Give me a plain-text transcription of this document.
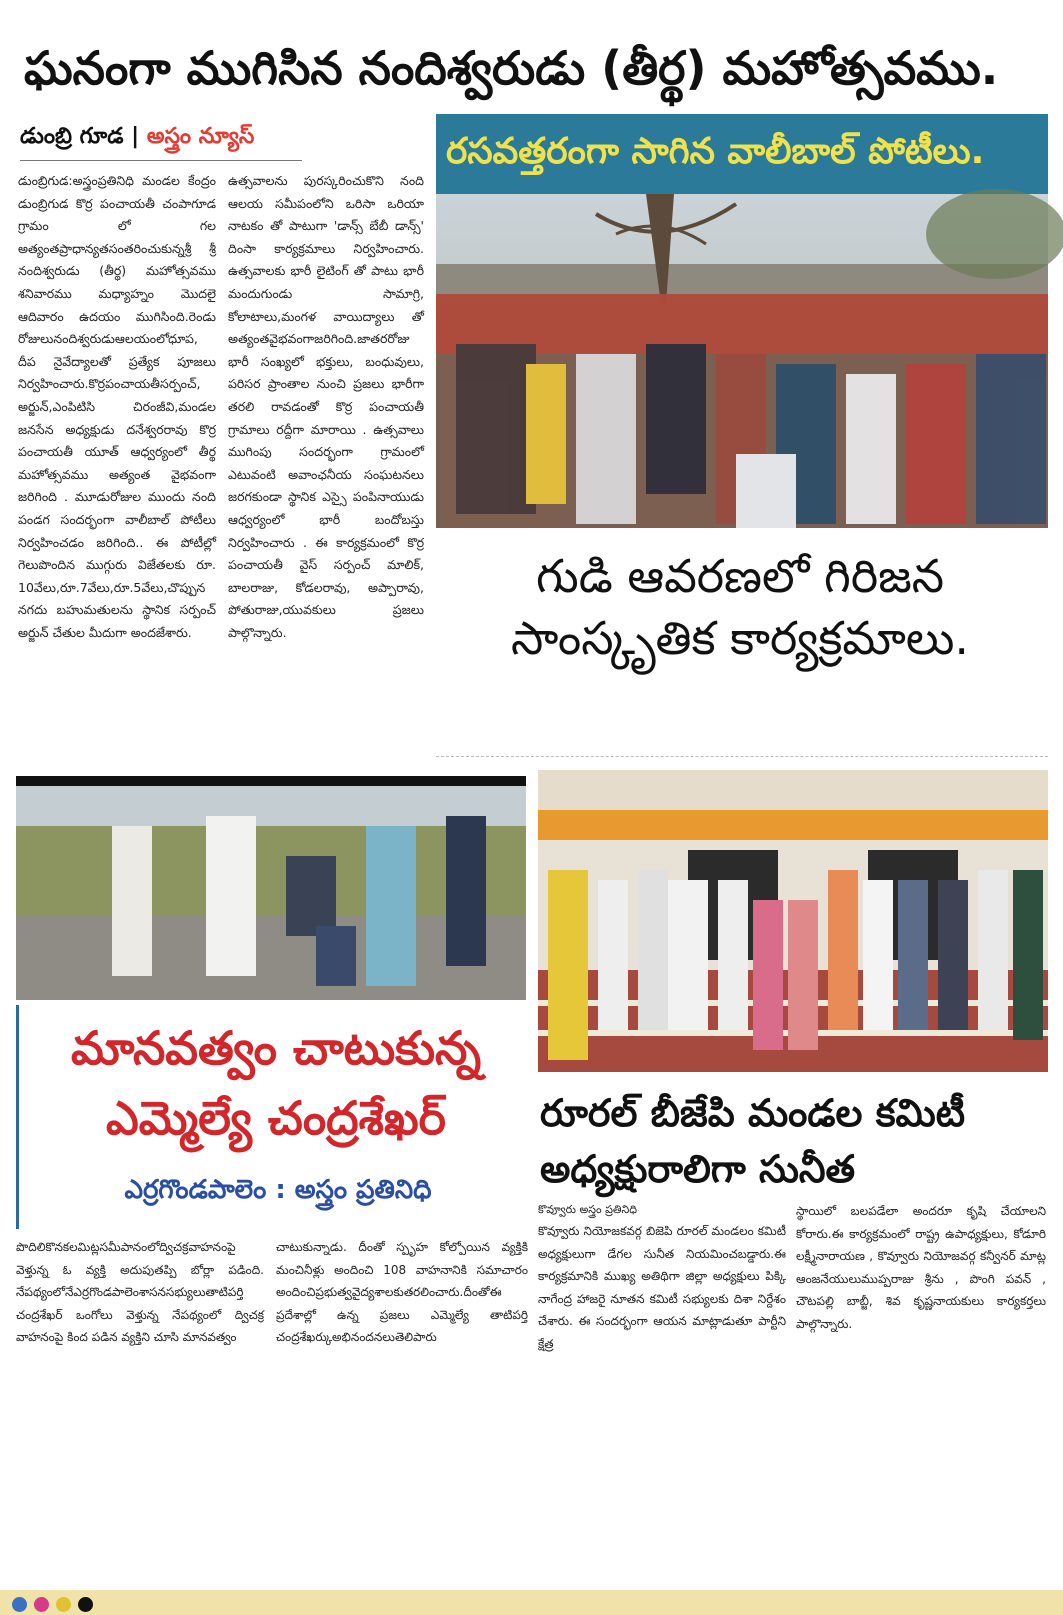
ఘనంగా ముగిసిన నందిశ్వరుడు (తీర్థ) మహోత్సవము.
డుంబ్రి గూడ | అస్త్రం న్యూస్
డుంబ్రిగుడ:అస్త్రంప్రతినిధి మండల కేంద్రం డుంబ్రిగుడ కొర్ర పంచాయతీ చంపాగూడ గ్రామం లో గల అత్యంతప్రాధాన్యతసంతరించుకున్నశ్రీ శ్రీ నందిశ్వరుడు (తీర్థ) మహోత్సవము శనివారము మధ్యాహ్నం మొదలై ఆదివారం ఉదయం ముగిసింది.రెండు రోజులునందిశ్వరుడుఆలయంలోధూప, దీప నైవేద్యాలతో ప్రత్యేక పూజలు నిర్వహించారు.కొర్రపంచాయతీసర్పంచ్, అర్జున్,ఎంపిటిసి చిరంజీవి,మండల జనసేన అధ్యక్షుడు దనేశ్వరరావు కొర్ర పంచాయతీ యూత్ ఆధ్వర్యంలో తీర్థ మహోత్సవము అత్యంత వైభవంగా జరిగింది . మూడురోజుల ముందు నంది పండగ సందర్భంగా వాలీబాల్ పోటీలు నిర్వహించడం జరిగింది.. ఈ పోటీల్లో గెలుపొందిన ముగ్గురు విజేతలకు రూ. 10వేలు,రూ.7వేలు,రూ.5వేలు,చొప్పున నగదు బహుమతులను స్థానిక సర్పంచ్ అర్జున్ చేతుల మీదుగా అందజేశారు.
ఉత్సవాలను పురస్కరించుకొని నంది ఆలయ సమీపంలోని ఒరిసా ఒరియా నాటకం తో పాటుగా 'డాన్స్ బేబీ డాన్స్' దింసా కార్యక్రమాలు నిర్వహించారు. ఉత్సవాలకు భారీ లైటింగ్ తో పాటు భారీ మందుగుండు సామాగ్రి, కోలాటాలు,మంగళ వాయిద్యాలు తో అత్యంతవైభవంగాజరిగింది.జాతరరోజు భారీ సంఖ్యలో భక్తులు, బంధువులు, పరిసర ప్రాంతాల నుంచి ప్రజలు భారీగా తరలి రావడంతో కొర్ర పంచాయతీ గ్రామాలు రద్దీగా మారాయి . ఉత్సవాలు ముగింపు సందర్భంగా గ్రామంలో ఎటువంటి అవాంఛనీయ సంఘటనలు జరగకుండా స్థానిక ఎస్సై పంపినాయుడు ఆధ్వర్యంలో భారీ బందోబస్తు నిర్వహించారు . ఈ కార్యక్రమంలో కొర్ర పంచాయతీ వైస్ సర్పంచ్ మాలిక్, బాలరాజు, కోడలరావు, అప్పారావు, పోతురాజు,యువకులు ప్రజలు పాల్గొన్నారు.
రసవత్తరంగా సాగిన వాలీబాల్ పోటీలు.
గుడి ఆవరణలో గిరిజన సాంస్కృతిక కార్యక్రమాలు.
మానవత్వం చాటుకున్న ఎమ్మెల్యే చంద్రశేఖర్
ఎర్రగొండపాలెం : అస్త్రం ప్రతినిధి
పొదిలికొనకలమిట్లసమీపానంలోద్విచక్రవాహనంపై వెళ్తున్న ఓ వ్యక్తి అదుపుతప్పి బోర్లా పడింది. నేపథ్యంలోనేఎర్రగొండపాలెంశాసనసభ్యులుతాటిపర్తి చంద్రశేఖర్ ఒంగోలు వెళ్తున్న నేపథ్యంలో ద్విచక్ర వాహనంపై కింద పడిన వ్యక్తిని చూసి మానవత్వం
చాటుకున్నాడు. దీంతో స్పృహ కోల్పోయిన వ్యక్తికి మంచినీళ్లు అందించి 108 వాహనానికి సమాచారం అందించిప్రభుత్వవైద్యశాలకుతరలించారు.దీంతోఈ ప్రదేశాల్లో ఉన్న ప్రజలు ఎమ్మెల్యే తాటిపర్తి చంద్రశేఖర్కుఅభినందనలుతెలిపారు
రూరల్ బీజేపి మండల కమిటీ అధ్యక్షురాలిగా సునీత
కొవ్వూరు అస్త్రం ప్రతినిధి
కొవ్వూరు నియోజకవర్గ బిజెపి రూరల్ మండలం కమిటీ అధ్యక్షులుగా డేగల సునీత నియమించబడ్డారు.ఈ కార్యక్రమానికి ముఖ్య అతిథిగా జిల్లా అధ్యక్షులు పిక్కి నాగేంద్ర హాజరై నూతన కమిటీ సభ్యులకు దిశా నిర్దేశం చేశారు. ఈ సందర్భంగా ఆయన మాట్లాడుతూ పార్టీని క్షేత్ర
స్థాయిలో బలపడేలా అందరూ కృషి చేయాలని కోరారు.ఈ కార్యక్రమంలో రాష్ట్ర ఉపాధ్యక్షులు, కోడూరి లక్ష్మీనారాయణ , కొవ్వూరు నియోజవర్గ కన్వీనర్ మాట్ల ఆంజనేయులుముప్పరాజు శ్రీను , పొంగి పవన్ , చౌటపల్లి బాబ్జీ, శివ కృష్ణనాయకులు కార్యకర్తలు పాల్గొన్నారు.
